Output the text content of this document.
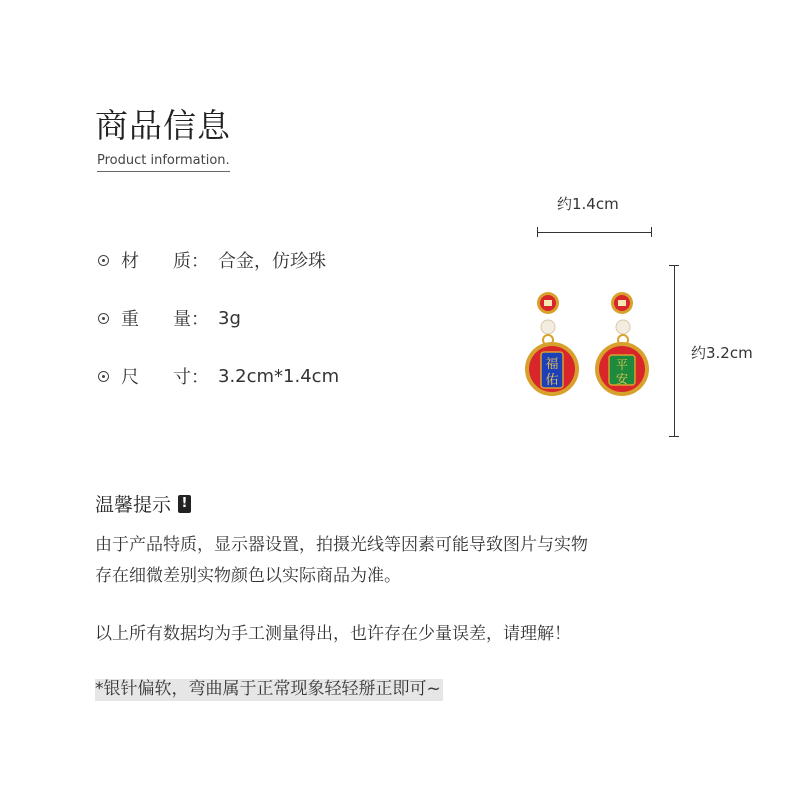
商品信息
Product information.
材	质： 合金，仿珍珠
重	量： 3g
尺	寸： 3.2cm*1.4cm
约1.4cm
约3.2cm
福
佑
平
安
温馨提示 !
由于产品特质，显示器设置，拍摄光线等因素可能导致图片与实物
存在细微差别实物颜色以实际商品为准。
以上所有数据均为手工测量得出，也许存在少量误差，请理解！
*银针偏软，弯曲属于正常现象轻轻掰正即可~
